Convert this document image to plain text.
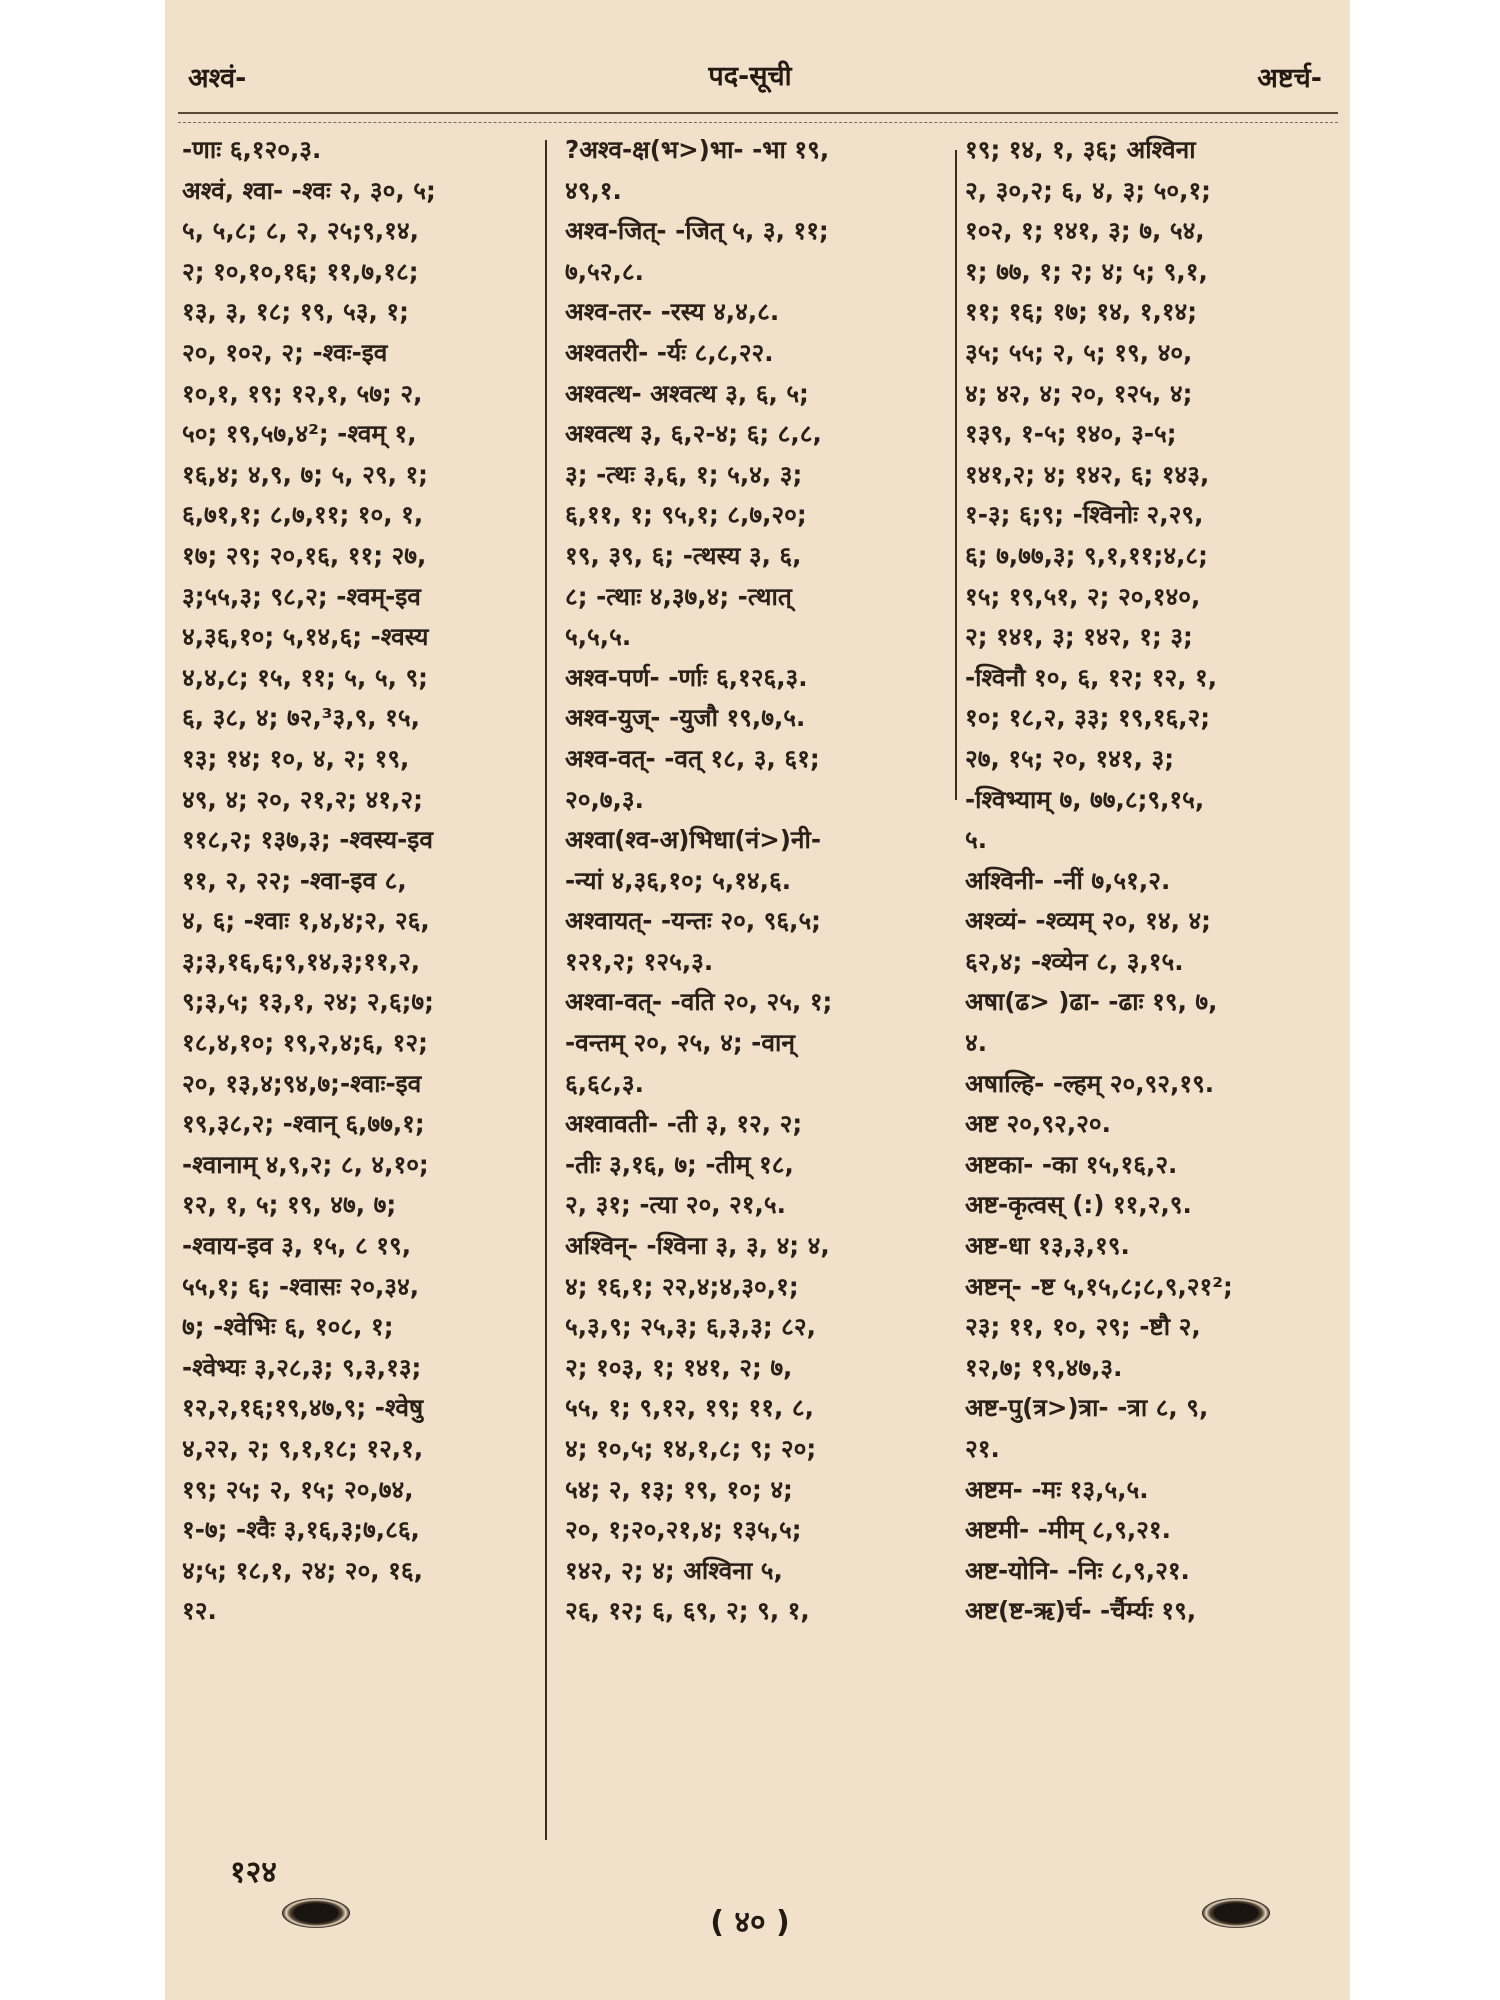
अश्वं-	पद-सूची	अष्टर्च-
-णाः ६,१२०,३.
अश्वं, श्वा- -श्वः २, ३०, ५;
५, ५,८; ८, २, २५;९,१४,
२; १०,१०,१६; ११,७,१८;
१३, ३, १८; १९, ५३, १;
२०, १०२, २; -श्वः-इव
१०,१, १९; १२,१, ५७; २,
५०; १९,५७,४²; -श्वम् १,
१६,४; ४,९, ७; ५, २९, १;
६,७१,१; ८,७,११; १०, १,
१७; २९; २०,१६, ११; २७,
३;५५,३; ९८,२; -श्वम्-इव
४,३६,१०; ५,१४,६; -श्वस्य
४,४,८; १५, ११; ५, ५, ९;
६, ३८, ४; ७२,³३,९, १५,
१३; १४; १०, ४, २; १९,
४९, ४; २०, २१,२; ४१,२;
११८,२; १३७,३; -श्वस्य-इव
११, २, २२; -श्वा-इव ८,
४, ६; -श्वाः १,४,४;२, २६,
३;३,१६,६;९,१४,३;११,२,
९;३,५; १३,१, २४; २,६;७;
१८,४,१०; १९,२,४;६, १२;
२०, १३,४;९४,७;-श्वाः-इव
१९,३८,२; -श्वान् ६,७७,१;
-श्वानाम् ४,९,२; ८, ४,१०;
१२, १, ५; १९, ४७, ७;
-श्वाय-इव ३, १५, ८ १९,
५५,१; ६; -श्वासः २०,३४,
७; -श्वेभिः ६, १०८, १;
-श्वेभ्यः ३,२८,३; ९,३,१३;
१२,२,१६;१९,४७,९; -श्वेषु
४,२२, २; ९,१,१८; १२,१,
१९; २५; २, १५; २०,७४,
१-७; -श्वैः ३,१६,३;७,८६,
४;५; १८,१, २४; २०, १६,
१२.
?अश्व-क्ष(भ>)भा- -भा १९,
४९,१.
अश्व-जित्- -जित् ५, ३, ११;
७,५२,८.
अश्व-तर- -रस्य ४,४,८.
अश्वतरी- -र्यः ८,८,२२.
अश्वत्थ- अश्वत्थ ३, ६, ५;
अश्वत्थ ३, ६,२-४; ६; ८,८,
३; -त्थः ३,६, १; ५,४, ३;
६,११, १; ९५,१; ८,७,२०;
१९, ३९, ६; -त्थस्य ३, ६,
८; -त्थाः ४,३७,४; -त्थात्
५,५,५.
अश्व-पर्ण- -र्णाः ६,१२६,३.
अश्व-युज्- -युजौ १९,७,५.
अश्व-वत्- -वत् १८, ३, ६१;
२०,७,३.
अश्वा(श्व-अ)भिधा(नं>)नी-
-न्यां ४,३६,१०; ५,१४,६.
अश्वायत्- -यन्तः २०, ९६,५;
१२१,२; १२५,३.
अश्वा-वत्- -वति २०, २५, १;
-वन्तम् २०, २५, ४; -वान्
६,६८,३.
अश्वावती- -ती ३, १२, २;
-तीः ३,१६, ७; -तीम् १८,
२, ३१; -त्या २०, २१,५.
अश्विन्- -श्विना ३, ३, ४; ४,
४; १६,१; २२,४;४,३०,१;
५,३,९; २५,३; ६,३,३; ८२,
२; १०३, १; १४१, २; ७,
५५, १; ९,१२, १९; ११, ८,
४; १०,५; १४,१,८; ९; २०;
५४; २, १३; १९, १०; ४;
२०, १;२०,२१,४; १३५,५;
१४२, २; ४; अश्विना ५,
२६, १२; ६, ६९, २; ९, १,
१९; १४, १, ३६; अश्विना
२, ३०,२; ६, ४, ३; ५०,१;
१०२, १; १४१, ३; ७, ५४,
१; ७७, १; २; ४; ५; ९,१,
११; १६; १७; १४, १,१४;
३५; ५५; २, ५; १९, ४०,
४; ४२, ४; २०, १२५, ४;
१३९, १-५; १४०, ३-५;
१४१,२; ४; १४२, ६; १४३,
१-३; ६;९; -श्विनोः २,२९,
६; ७,७७,३; ९,१,११;४,८;
१५; १९,५१, २; २०,१४०,
२; १४१, ३; १४२, १; ३;
-श्विनौ १०, ६, १२; १२, १,
१०; १८,२, ३३; १९,१६,२;
२७, १५; २०, १४१, ३;
-श्विभ्याम् ७, ७७,८;९,१५,
५.
अश्विनी- -नीं ७,५१,२.
अश्व्यं- -श्व्यम् २०, १४, ४;
६२,४; -श्व्येन ८, ३,१५.
अषा(ढ> )ढा- -ढाः १९, ७,
४.
अषाल्हि- -ल्हम् २०,९२,१९.
अष्ट २०,९२,२०.
अष्टका- -का १५,१६,२.
अष्ट-कृत्वस् (:) ११,२,९.
अष्ट-धा १३,३,१९.
अष्टन्- -ष्ट ५,१५,८;८,९,२१²;
२३; ११, १०, २९; -ष्टौ २,
१२,७; १९,४७,३.
अष्ट-पु(त्र>)त्रा- -त्रा ८, ९,
२१.
अष्टम- -मः १३,५,५.
अष्टमी- -मीम् ८,९,२१.
अष्ट-योनि- -निः ८,९,२१.
अष्ट(ष्ट-ऋ)र्च- -र्चैर्म्यः १९,
१२४
( ४० )
